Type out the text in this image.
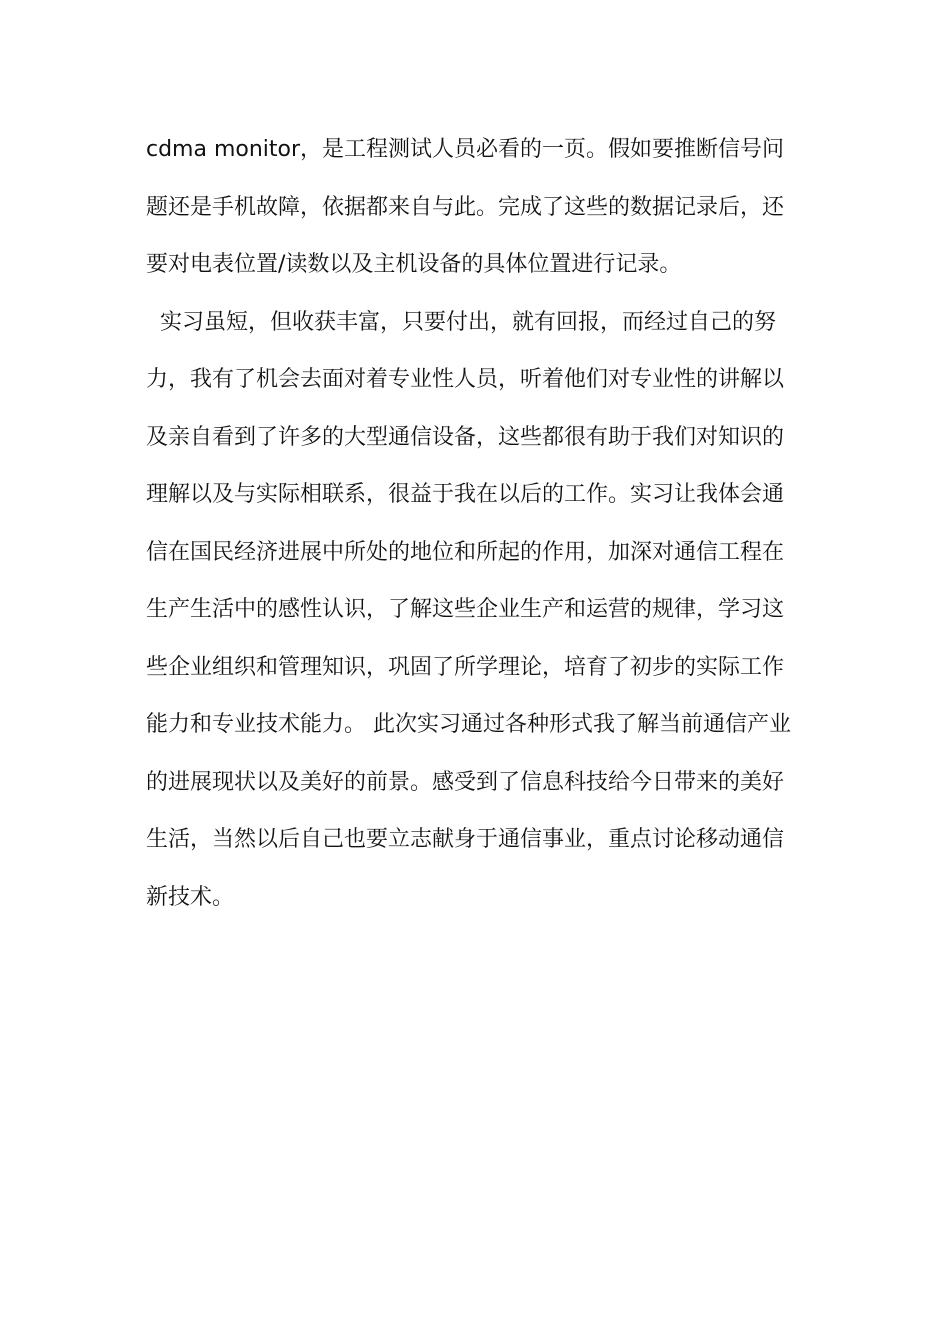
cdma monitor，是工程测试人员必看的一页。假如要推断信号问
题还是手机故障，依据都来自与此。完成了这些的数据记录后，还
要对电表位置/读数以及主机设备的具体位置进行记录。
实习虽短，但收获丰富，只要付出，就有回报，而经过自己的努
力，我有了机会去面对着专业性人员，听着他们对专业性的讲解以
及亲自看到了许多的大型通信设备，这些都很有助于我们对知识的
理解以及与实际相联系，很益于我在以后的工作。实习让我体会通
信在国民经济进展中所处的地位和所起的作用，加深对通信工程在
生产生活中的感性认识，了解这些企业生产和运营的规律，学习这
些企业组织和管理知识，巩固了所学理论，培育了初步的实际工作
能力和专业技术能力。 此次实习通过各种形式我了解当前通信产业
的进展现状以及美好的前景。感受到了信息科技给今日带来的美好
生活，当然以后自己也要立志献身于通信事业，重点讨论移动通信
新技术。
